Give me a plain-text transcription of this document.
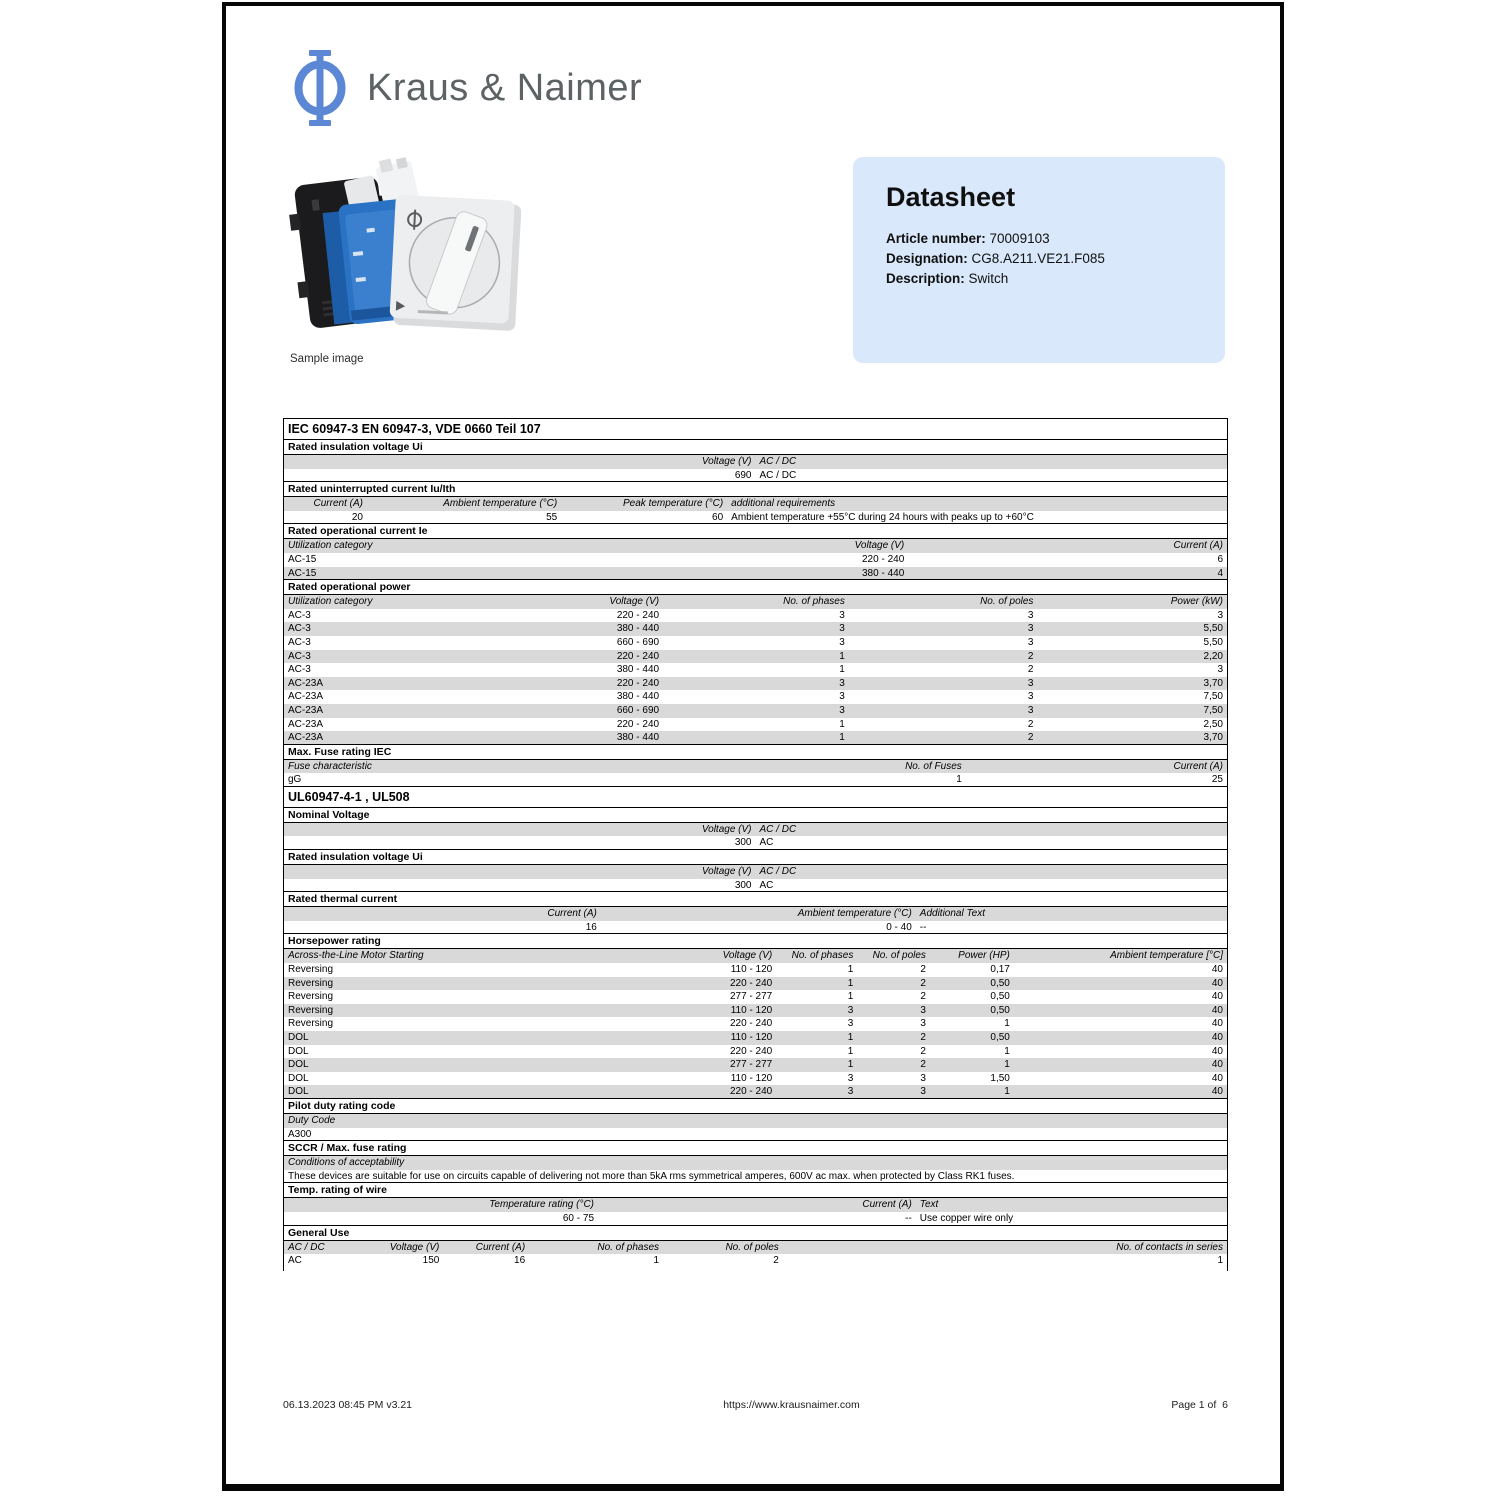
Kraus & Naimer
Sample image
Datasheet
Article number: 70009103
Designation: CG8.A211.VE21.F085
Description: Switch
IEC 60947-3 EN 60947-3, VDE 0660 Teil 107
Rated insulation voltage Ui
Voltage (V)	AC / DC
690	AC / DC
Rated uninterrupted current Iu/Ith
Current (A)	Ambient temperature (°C)	Peak temperature (°C)	additional requirements
20	55	60	Ambient temperature +55°C during 24 hours with peaks up to +60°C
Rated operational current Ie
Utilization category	Voltage (V)	Current (A)
AC-15	220 - 240	6
AC-15	380 - 440	4
Rated operational power
Utilization category	Voltage (V)	No. of phases	No. of poles	Power (kW)
AC-3	220 - 240	3	3	3
AC-3	380 - 440	3	3	5,50
AC-3	660 - 690	3	3	5,50
AC-3	220 - 240	1	2	2,20
AC-3	380 - 440	1	2	3
AC-23A	220 - 240	3	3	3,70
AC-23A	380 - 440	3	3	7,50
AC-23A	660 - 690	3	3	7,50
AC-23A	220 - 240	1	2	2,50
AC-23A	380 - 440	1	2	3,70
Max. Fuse rating IEC
Fuse characteristic	No. of Fuses	Current (A)
gG	1	25
UL60947-4-1 , UL508
Nominal Voltage
Voltage (V)	AC / DC
300	AC
Rated insulation voltage Ui
Voltage (V)	AC / DC
300	AC
Rated thermal current
Current (A)	Ambient temperature (°C)	Additional Text
16	0 - 40	--
Horsepower rating
Across-the-Line Motor Starting	Voltage (V)	No. of phases	No. of poles	Power (HP)	Ambient temperature [°C]
Reversing	110 - 120	1	2	0,17	40
Reversing	220 - 240	1	2	0,50	40
Reversing	277 - 277	1	2	0,50	40
Reversing	110 - 120	3	3	0,50	40
Reversing	220 - 240	3	3	1	40
DOL	110 - 120	1	2	0,50	40
DOL	220 - 240	1	2	1	40
DOL	277 - 277	1	2	1	40
DOL	110 - 120	3	3	1,50	40
DOL	220 - 240	3	3	1	40
Pilot duty rating code
Duty Code
A300
SCCR / Max. fuse rating
Conditions of acceptability
These devices are suitable for use on circuits capable of delivering not more than 5kA rms symmetrical amperes, 600V ac max. when protected by Class RK1 fuses.
Temp. rating of wire
Temperature rating (°C)	Current (A)	Text
60 - 75	--	Use copper wire only
General Use
AC / DC	Voltage (V)	Current (A)	No. of phases	No. of poles	No. of contacts in series
AC	150	16	1	2	1
06.13.2023 08:45 PM v3.21	https://www.krausnaimer.com	Page 1 of  6
